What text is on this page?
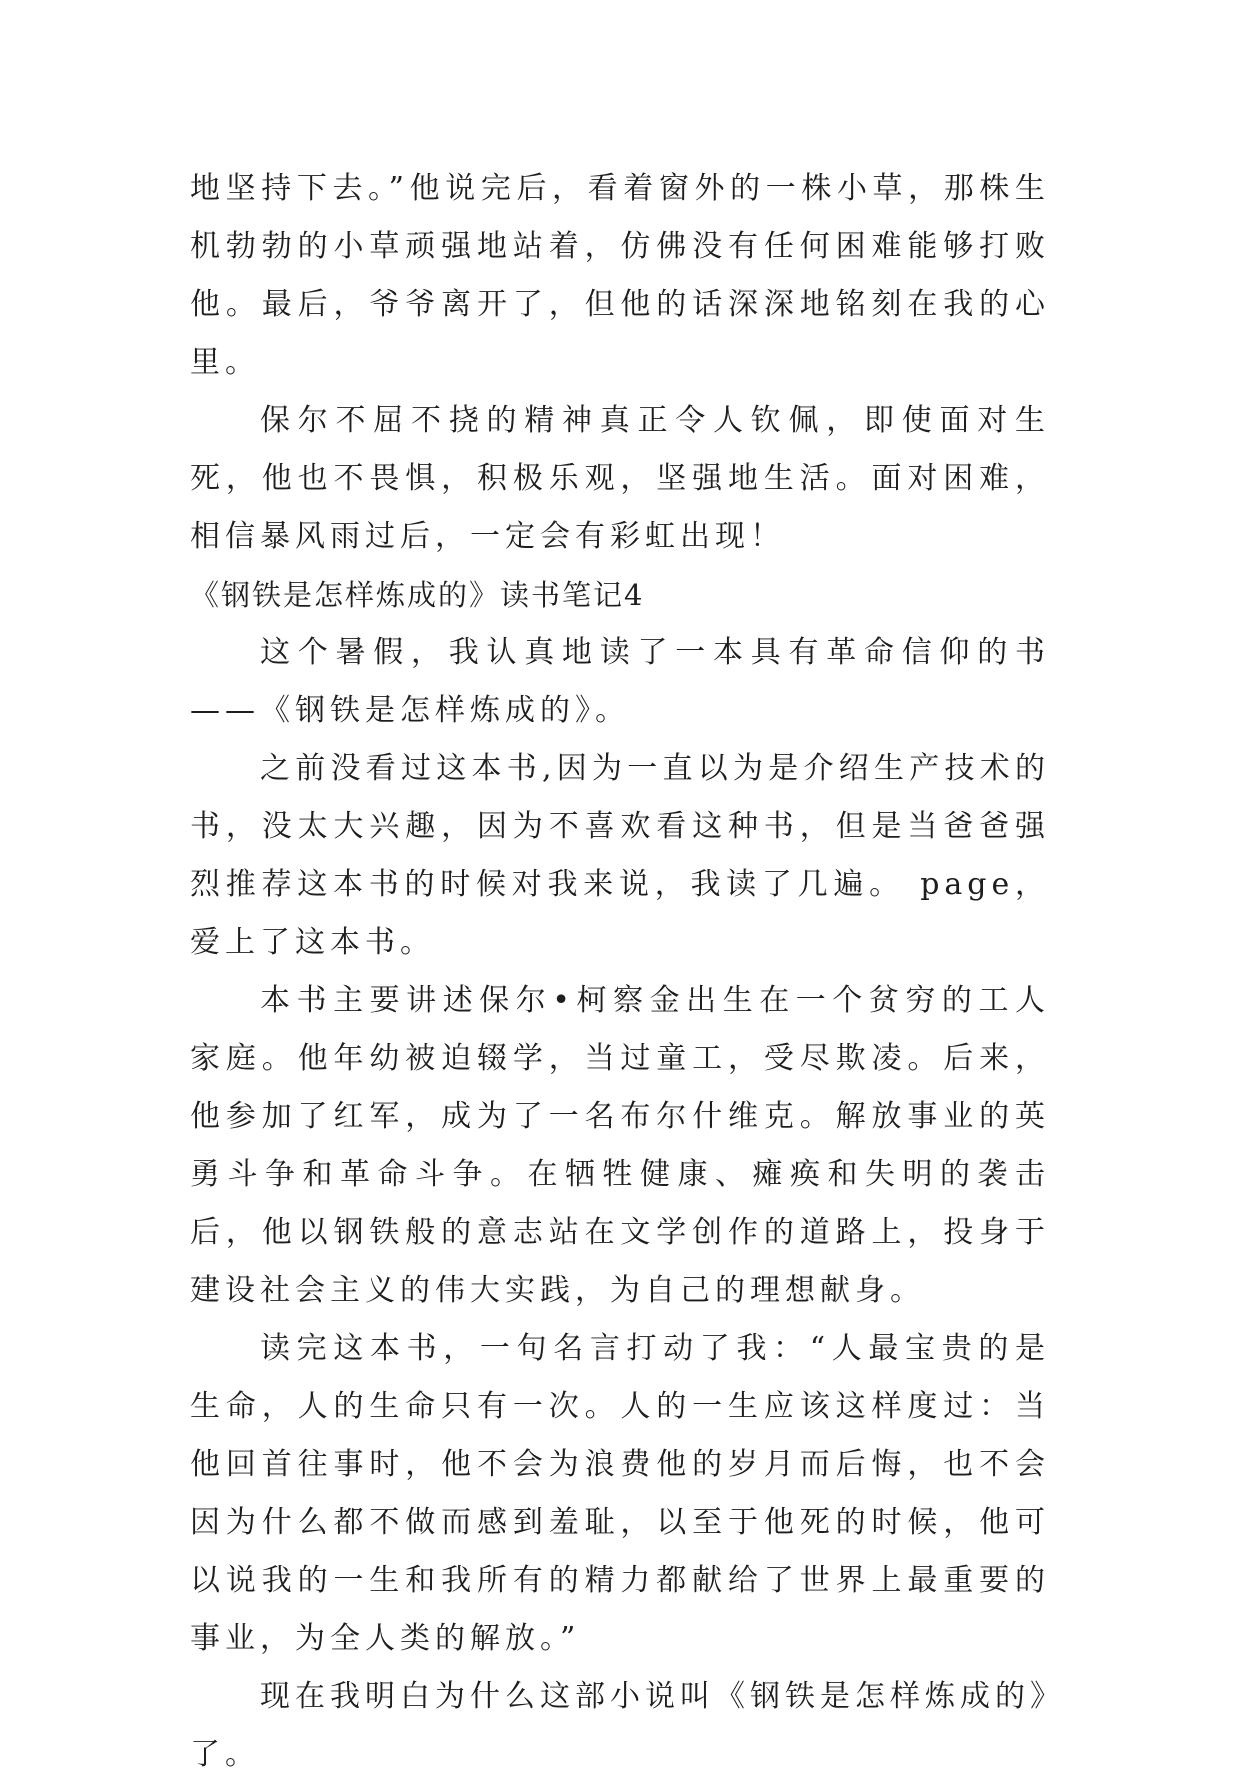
地坚持下去。”他说完后，看着窗外的一株小草，那株生机勃勃的小草顽强地站着，仿佛没有任何困难能够打败他。最后，爷爷离开了，但他的话深深地铭刻在我的心里。

保尔不屈不挠的精神真正令人钦佩，即使面对生死，他也不畏惧，积极乐观，坚强地生活。面对困难，相信暴风雨过后，一定会有彩虹出现！

《钢铁是怎样炼成的》读书笔记4

这个暑假，我认真地读了一本具有革命信仰的书——《钢铁是怎样炼成的》。

之前没看过这本书,因为一直以为是介绍生产技术的书，没太大兴趣，因为不喜欢看这种书，但是当爸爸强烈推荐这本书的时候对我来说，我读了几遍。 page，爱上了这本书。

本书主要讲述保尔•柯察金出生在一个贫穷的工人家庭。他年幼被迫辍学，当过童工，受尽欺凌。后来，他参加了红军，成为了一名布尔什维克。解放事业的英勇斗争和革命斗争。在牺牲健康、瘫痪和失明的袭击后，他以钢铁般的意志站在文学创作的道路上，投身于建设社会主义的伟大实践，为自己的理想献身。

读完这本书，一句名言打动了我：“人最宝贵的是生命，人的生命只有一次。人的一生应该这样度过：当他回首往事时，他不会为浪费他的岁月而后悔，也不会因为什么都不做而感到羞耻，以至于他死的时候，他可以说我的一生和我所有的精力都献给了世界上最重要的事业，为全人类的解放。”

现在我明白为什么这部小说叫《钢铁是怎样炼成的》了。
